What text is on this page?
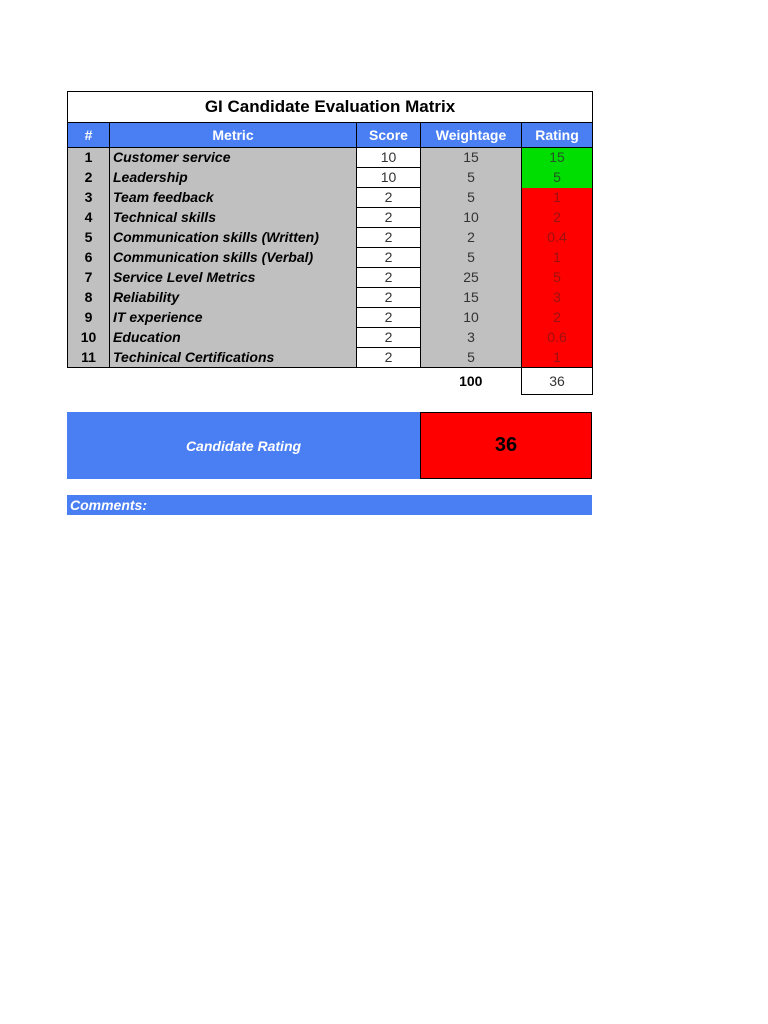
GI Candidate Evaluation Matrix				
#	Metric	Score	Weightage	Rating
1	Customer service	10	15	15
2	Leadership	10	5	5
3	Team feedback	2	5	1
4	Technical skills	2	10	2
5	Communication skills (Written)	2	2	0.4
6	Communication skills (Verbal)	2	5	1
7	Service Level Metrics	2	25	5
8	Reliability	2	15	3
9	IT experience	2	10	2
10	Education	2	3	0.6
11	Techinical Certifications	2	5	1
			100	36
Candidate Rating	36
Comments:
